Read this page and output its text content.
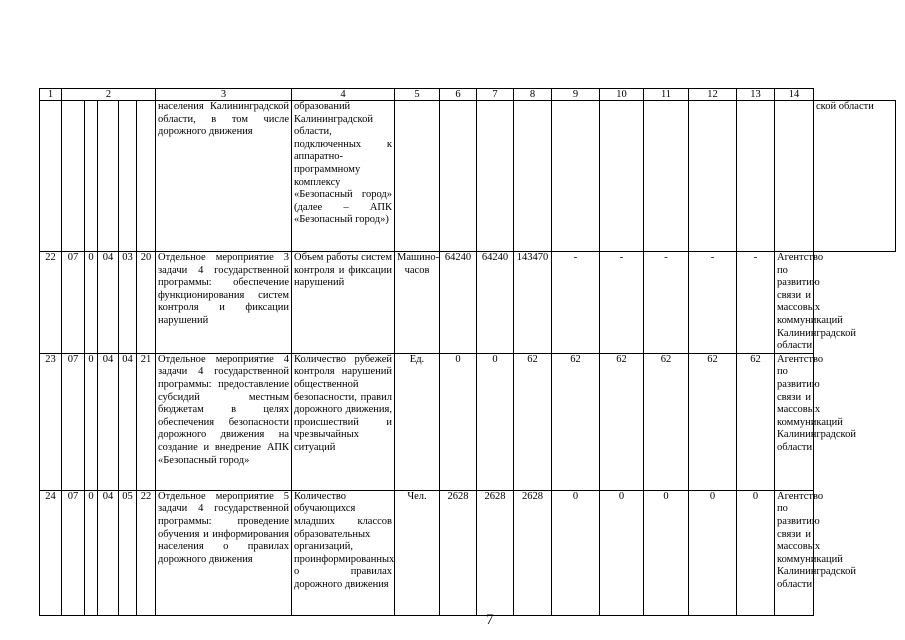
1	2					3	4	5	6	7	8	9	10	11	12	13	14	
						населения Калининградской области, в том числе дорожного движения	образований Калининградской области, подключенных к аппаратно-программному комплексу «Безопасный город» (далее – АПК «Безопасный город»)											ской области
22	07	0	04	03	20	Отдельное мероприятие 3 задачи 4 государственной программы: обеспечение функционирования систем контроля и фиксации нарушений	Объем работы систем контроля и фиксации нарушений	Машино-часов	64240	64240	143470	-	-	-	-	-	Агентство по развитию связи и массовых коммуникаций Калининградской области	
23	07	0	04	04	21	Отдельное мероприятие 4 задачи 4 государственной программы: предоставление субсидий местным бюджетам в целях обеспечения безопасности дорожного движения на создание и внедрение АПК «Безопасный город»	Количество рубежей контроля нарушений общественной безопасности, правил дорожного движения, происшествий и чрезвычайных ситуаций	Ед.	0	0	62	62	62	62	62	62	Агентство по развитию связи и массовых коммуникаций Калининградской области	
24	07	0	04	05	22	Отдельное мероприятие 5 задачи 4 государственной программы: проведение обучения и информирования населения о правилах дорожного движения	Количество обучающихся младших классов образовательных организаций, проинформированных о правилах дорожного движения	Чел.	2628	2628	2628	0	0	0	0	0	Агентство по развитию связи и массовых коммуникаций Калининградской области	
7
